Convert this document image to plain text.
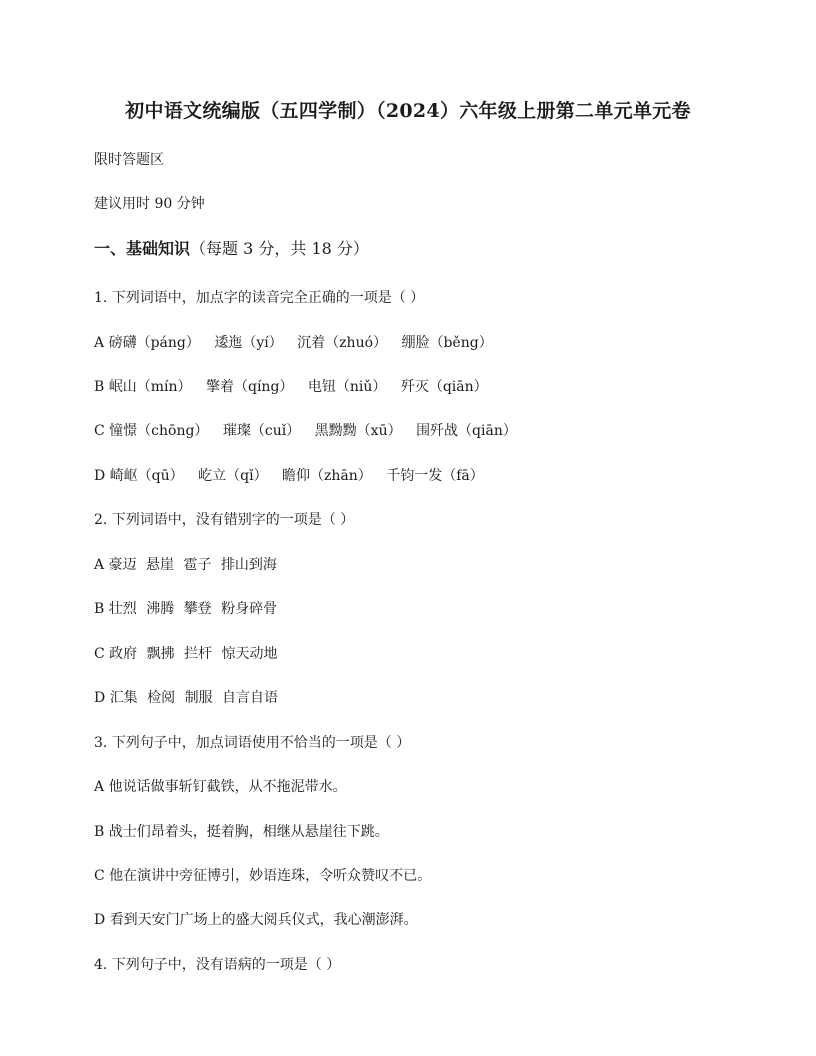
初中语文统编版（五四学制）（2024）六年级上册第二单元单元卷
限时答题区
建议用时 90 分钟
一、基础知识（每题 3 分，共 18 分）
1. 下列词语中，加点字的读音完全正确的一项是（ ）
A 磅礴（páng） 逶迤（yí） 沉着（zhuó） 绷脸（běng）
B 岷山（mín） 擎着（qíng） 电钮（niǔ） 歼灭（qiān）
C 憧憬（chōng） 璀璨（cuǐ） 黑黝黝（xū） 围歼战（qiān）
D 崎岖（qū） 屹立（qǐ） 瞻仰（zhān） 千钧一发（fā）
2. 下列词语中，没有错别字的一项是（ ）
A 豪迈 悬崖 雹子 排山到海
B 壮烈 沸腾 攀登 粉身碎骨
C 政府 飘拂 拦杆 惊天动地
D 汇集 检阅 制服 自言自语
3. 下列句子中，加点词语使用不恰当的一项是（ ）
A 他说话做事斩钉截铁，从不拖泥带水。
B 战士们昂着头，挺着胸，相继从悬崖往下跳。
C 他在演讲中旁征博引，妙语连珠，令听众赞叹不已。
D 看到天安门广场上的盛大阅兵仪式，我心潮澎湃。
4. 下列句子中，没有语病的一项是（ ）
